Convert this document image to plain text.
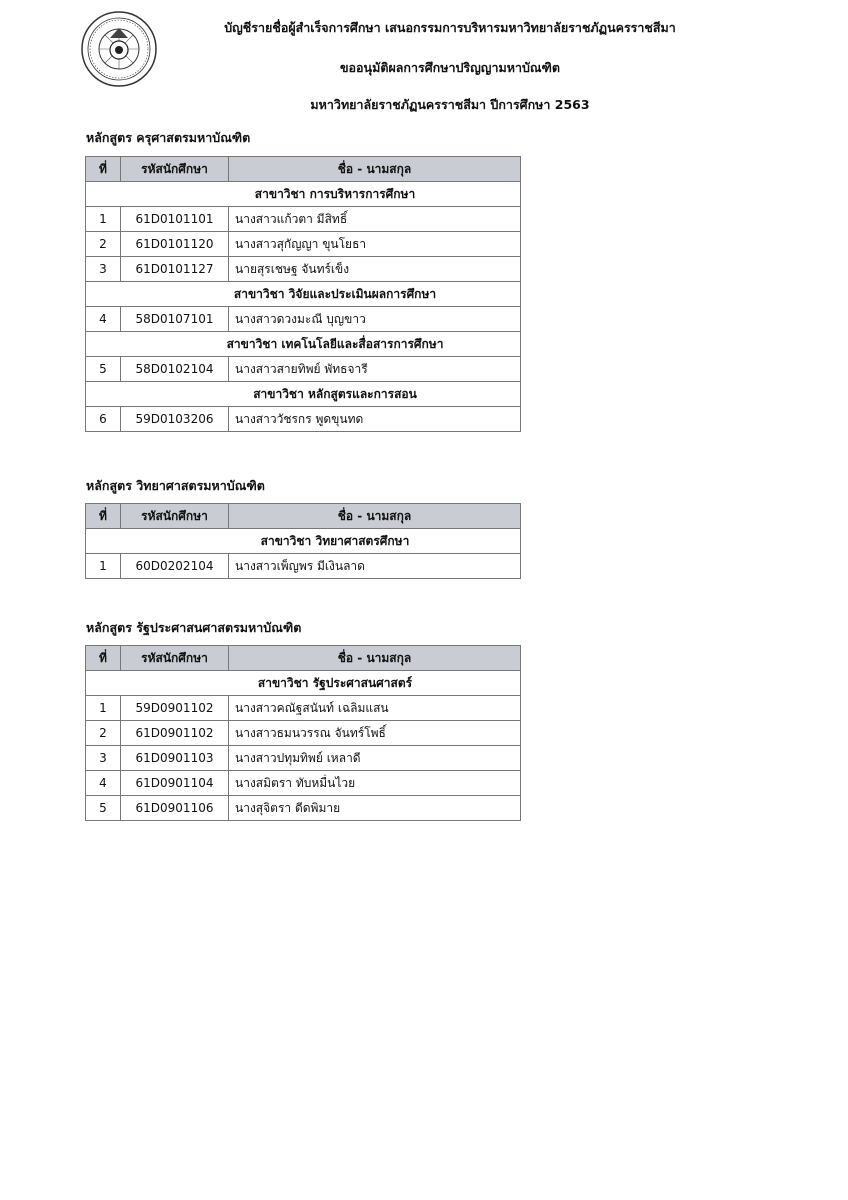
บัญชีรายชื่อผู้สำเร็จการศึกษา เสนอกรรมการบริหารมหาวิทยาลัยราชภัฏนครราชสีมา
ขออนุมัติผลการศึกษาปริญญามหาบัณฑิต
มหาวิทยาลัยราชภัฏนครราชสีมา ปีการศึกษา 2563
หลักสูตร ครุศาสตรมหาบัณฑิต
ที่	รหัสนักศึกษา	ชื่อ - นามสกุล
สาขาวิชา การบริหารการศึกษา		
1	61D0101101	นางสาวแก้วตา มีสิทธิ์
2	61D0101120	นางสาวสุกัญญา ขุนโยธา
3	61D0101127	นายสุรเชษฐ จันทร์เข็ง
สาขาวิชา วิจัยและประเมินผลการศึกษา		
4	58D0107101	นางสาวดวงมะณี บุญขาว
สาขาวิชา เทคโนโลยีและสื่อสารการศึกษา		
5	58D0102104	นางสาวสายทิพย์ พัทธจารี
สาขาวิชา หลักสูตรและการสอน		
6	59D0103206	นางสาววัชรกร พูดขุนทด
หลักสูตร วิทยาศาสตรมหาบัณฑิต
ที่	รหัสนักศึกษา	ชื่อ - นามสกุล
สาขาวิชา วิทยาศาสตรศึกษา		
1	60D0202104	นางสาวเพ็ญพร มีเงินลาด
หลักสูตร รัฐประศาสนศาสตรมหาบัณฑิต
ที่	รหัสนักศึกษา	ชื่อ - นามสกุล
สาขาวิชา รัฐประศาสนศาสตร์		
1	59D0901102	นางสาวคณัฐสนันท์ เฉลิมแสน
2	61D0901102	นางสาวธมนวรรณ จันทร์โพธิ์
3	61D0901103	นางสาวปทุมทิพย์ เหลาดี
4	61D0901104	นางสมิตรา ทับหมื่นไวย
5	61D0901106	นางสุจิตรา ดีดพิมาย
